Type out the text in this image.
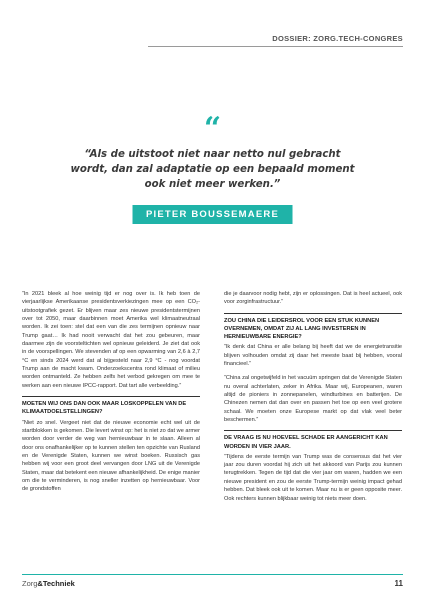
DOSSIER: ZORG.TECH-CONGRES
“
“Als de uitstoot niet naar netto nul gebracht wordt, dan zal adaptatie op een bepaald moment ook niet meer werken.”
PIETER BOUSSEMAERE

“In 2021 bleek al hoe weinig tijd er nog over is. Ik heb toen de vierjaarlijkse Amerikaanse presidentsverkiezingen mee op een CO₂-uitstootgrafiek gezet. Er blijven maar zes nieuwe presidentstermijnen over tot 2050, maar daarbinnen moet Amerika wel klimaatneutraal worden. Ik zei toen: stel dat een van die zes termijnen opnieuw naar Trump gaat… Ik had nooit verwacht dat het zou gebeuren, maar daarmee zijn de voorsteltichten wel opnieuw geleiderd. Je ziet dat ook in de voorspellingen. We stevenden af op een opwarming van 2,6 à 2,7 °C en sinds 2024 werd dat al bijgesteld naar 2,9 °C - nog voordat Trump aan de macht kwam. Onderzoekscentra rond klimaat of milieu worden ontmanteld. Ze hebben zelfs het verbod gekregen om mee te werken aan een nieuwe IPCC-rapport. Dat tart alle verbeelding.”

MOETEN WIJ ONS DAN OOK MAAR LOSKOPPELEN VAN DE KLIMAATDOELSTELLINGEN?

“Niet zo snel. Vergeet niet dat de nieuwe economie echt wel uit de startblokken is gekomen. Die levert winst op: het is niet zo dat we armer worden door verder de weg van hernieuwbaar in te slaan. Alleen al door ons onafhankelijker op te kunnen stellen ten opzichte van Rusland en de Verenigde Staten, kunnen we winst boeken. Russisch gas hebben wij voor een groot deel vervangen door LNG uit de Verenigde Staten, maar dat betekent een nieuwe afhankelijkheid. De enige manier om die te verminderen, is nog sneller inzetten op hernieuwbaar. Voor de grondstoffen

die je daarvoor nodig hebt, zijn er oplossingen. Dat is heel actueel, ook voor zorginfrastructuur.”

ZOU CHINA DIE LEIDERSROL VOOR EEN STUK KUNNEN OVERNEMEN, OMDAT ZIJ AL LANG INVESTEREN IN HERNIEUWBARE ENERGIE?

“Ik denk dat China er alle belang bij heeft dat we de energietransitie blijven volhouden omdat zij daar het meeste baat bij hebben, vooral financieel.”

“China zal ongetwijfeld in het vacuüm springen dat de Verenigde Staten nu overal achterlaten, zeker in Afrika. Maar wij, Europeanen, waren altijd de pioniers in zonnepanelen, windturbines en batterijen. De Chinezen nemen dat dan over en passen het toe op een veel grotere schaal. We moeten onze Europese markt op dat vlak veel beter beschermen.”

DE VRAAG IS NU HOEVEEL SCHADE ER AANGERICHT KAN WORDEN IN VIER JAAR.

“Tijdens de eerste termijn van Trump was de consensus dat het vier jaar zou duren voordat hij zich uit het akkoord van Parijs zou kunnen terugtrekken. Tegen de tijd dat die vier jaar om waren, hadden we een nieuwe president en zou de eerste Trump-termijn weinig impact gehad hebben. Dat bleek ook uit te komen. Maar nu is er geen opposite meer. Ook rechters kunnen blijkbaar weinig tot niets meer doen.

Zorg&Techniek	11
